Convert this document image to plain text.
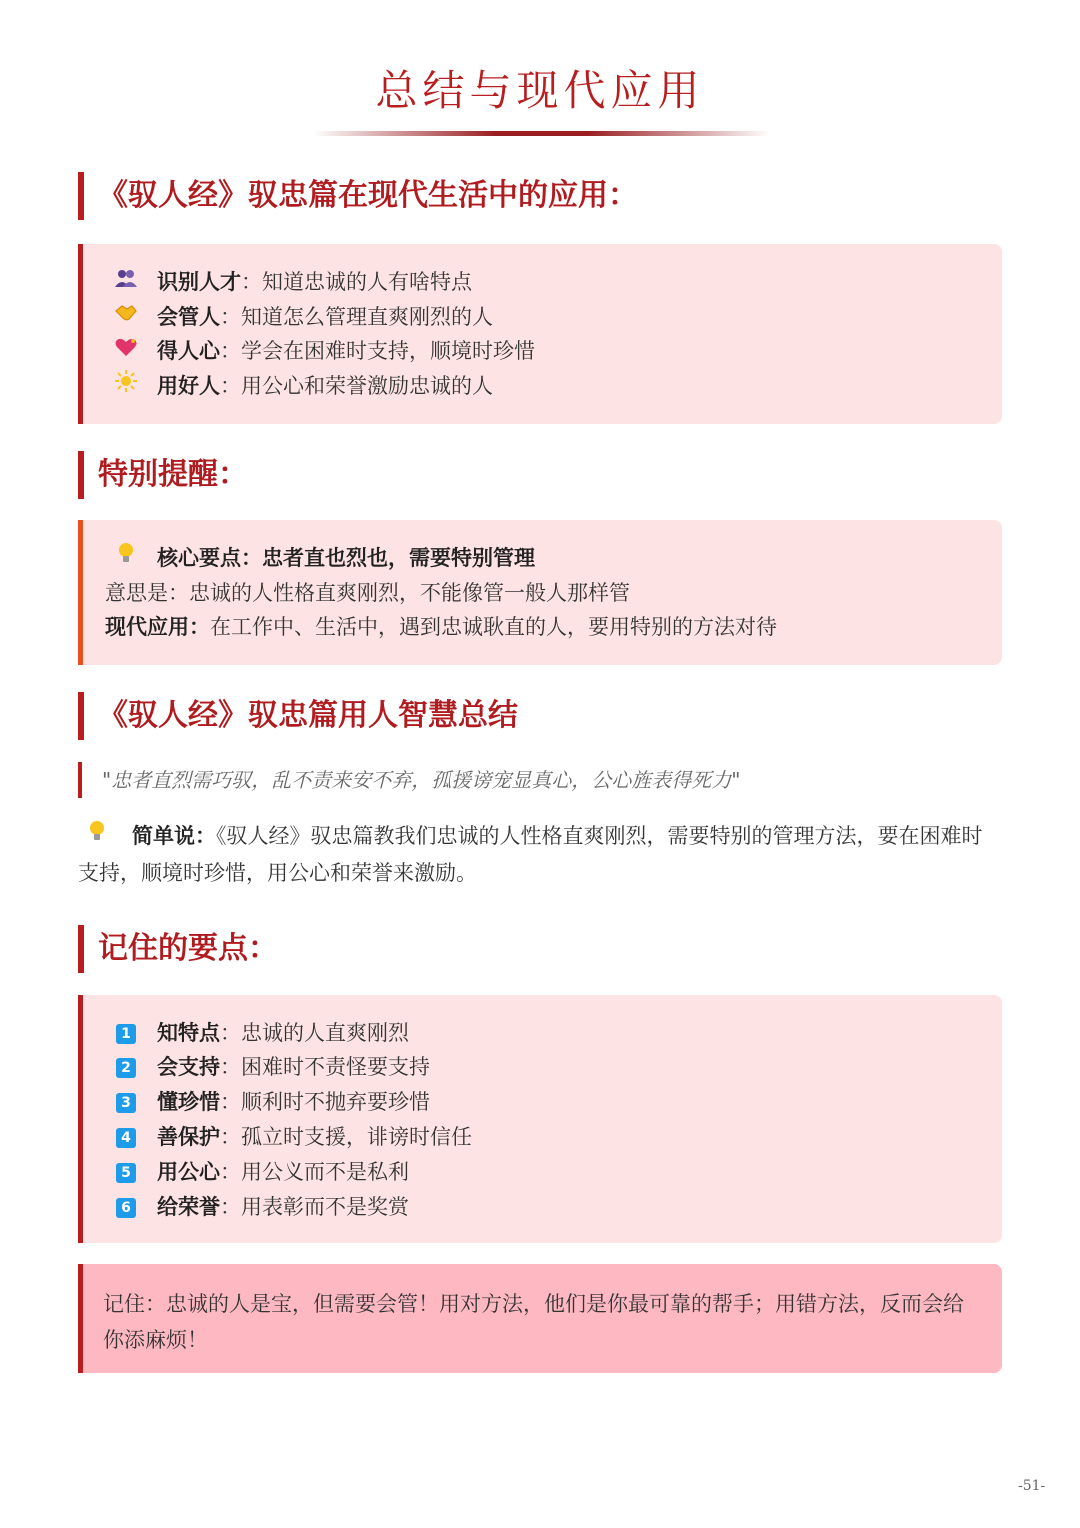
总结与现代应用
《驭人经》驭忠篇在现代生活中的应用：
识别人才：知道忠诚的人有啥特点
会管人：知道怎么管理直爽刚烈的人
得人心：学会在困难时支持，顺境时珍惜
用好人：用公心和荣誉激励忠诚的人
特别提醒：
核心要点：忠者直也烈也，需要特别管理
意思是：忠诚的人性格直爽刚烈，不能像管一般人那样管
现代应用：在工作中、生活中，遇到忠诚耿直的人，要用特别的方法对待
《驭人经》驭忠篇用人智慧总结
"忠者直烈需巧驭，乱不责来安不弃，孤援谤宠显真心，公心旌表得死力"
简单说：《驭人经》驭忠篇教我们忠诚的人性格直爽刚烈，需要特别的管理方法，要在困难时支持，顺境时珍惜，用公心和荣誉来激励。
记住的要点：
1 知特点：忠诚的人直爽刚烈
2 会支持：困难时不责怪要支持
3 懂珍惜：顺利时不抛弃要珍惜
4 善保护：孤立时支援，诽谤时信任
5 用公心：用公义而不是私利
6 给荣誉：用表彰而不是奖赏
记住：忠诚的人是宝，但需要会管！用对方法，他们是你最可靠的帮手；用错方法，反而会给你添麻烦！
-51-
